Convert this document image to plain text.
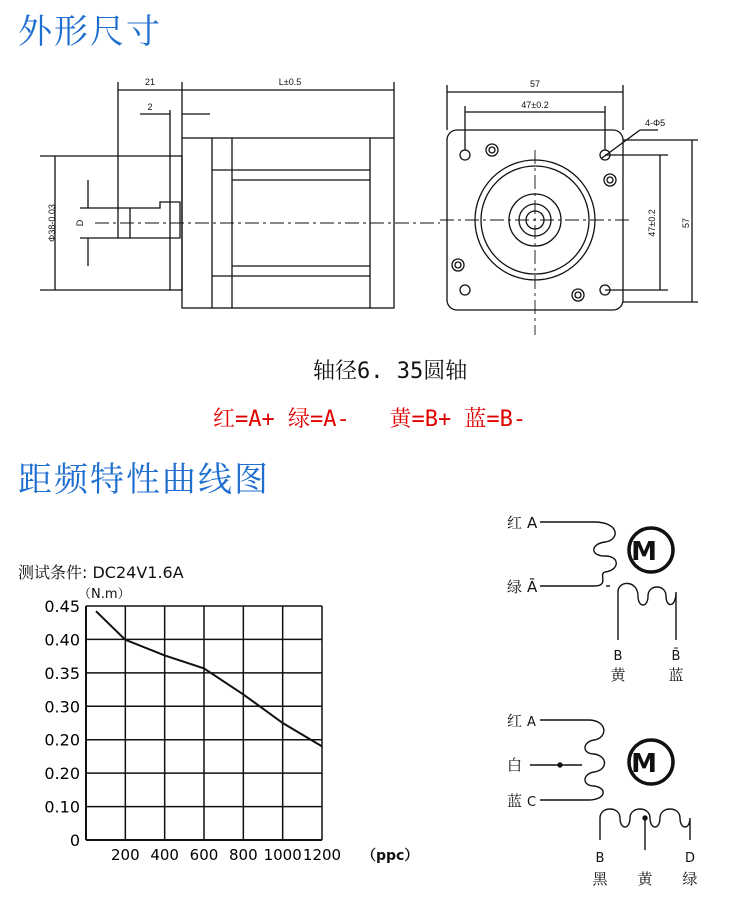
外形尺寸
21
2
L±0.5
Φ38-0.03 D
57
47±0.2
47±0.2	57
4-Φ5
轴径6. 35圆轴
红=A+ 绿=A-   黄=B+ 蓝=B-
距频特性曲线图
测试条件: DC24V1.6A
（N.m）
（ppc）
0.45
0.40
0.35
0.30
0.20
0.20
0.10
0
200 400 600 800 1000 1200
红 A
绿 Ā
M
B
黄
B̄
蓝
红 A
白
蓝 C
M
B
黑 黄
D
绿
